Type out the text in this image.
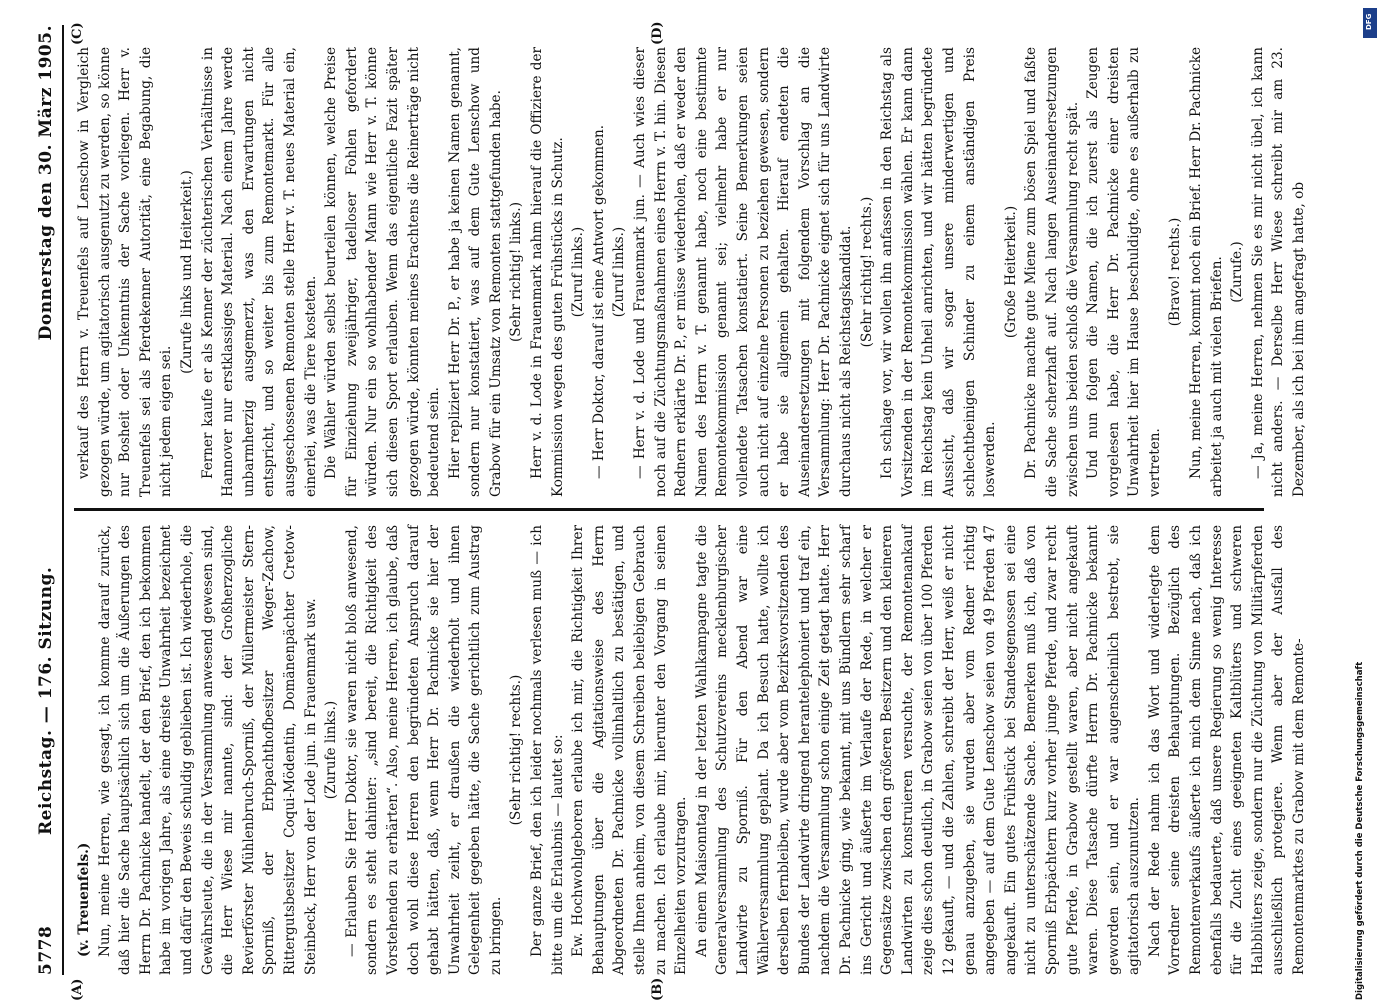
5778
Reichstag. — 176. Sitzung.
Donnerstag den 30. März 1905.

(v. Treuenfels.) Nun, meine Herren, wie gesagt, ich komme darauf zurück, daß hier die Sache hauptsächlich sich um die Äußerungen des Herrn Dr. Pachnicke handelt, der den Brief, den ich bekommen habe im vorigen Jahre, als eine dreiste Unwahrheit bezeichnet und dafür den Beweis schuldig geblieben ist. Ich wiederhole, die Gewährsleute, die in der Versammlung anwesend gewesen sind, die Herr Wiese mir nannte, sind: der Großherzogliche Revierförster Mühlenbruch-Sporniß, der Müllermeister Stern-Sporniß, der Erbpachthofbesitzer Weger-Zachow, Rittergutsbesitzer Coqui-Mödentin, Domänenpächter Cretow-Steinbeck, Herr von der Lode jun. in Frauenmark usw. (Zurufe links.) — Erlauben Sie Herr Doktor, sie waren nicht bloß anwesend, sondern es steht dahinter: „sind bereit, die Richtigkeit des Vorstehenden zu erhärten“. Also, meine Herren, ich glaube, daß doch wohl diese Herren den begründeten Anspruch darauf gehabt hätten, daß, wenn Herr Dr. Pachnicke sie hier der Unwahrheit zeiht, er draußen die wiederholt und ihnen Gelegenheit gegeben hätte, die Sache gerichtlich zum Austrag zu bringen.

(Sehr richtig! rechts.) Der ganze Brief, den ich leider nochmals verlesen muß — ich bitte um die Erlaubnis — lautet so: Ew. Hochwohlgeboren erlaube ich mir, die Richtigkeit Ihrer Behauptungen über die Agitationsweise des Herrn Abgeordneten Dr. Pachnicke vollinhaltlich zu bestätigen, und stelle Ihnen anheim, von diesem Schreiben beliebigen Gebrauch zu machen. Ich erlaube mir, hierunter den Vorgang in seinen Einzelheiten vorzutragen. An einem Maisonntag in der letzten Wahlkampagne tagte die Generalversammlung des Schutzvereins mecklenburgischer Landwirte zu Sporniß. Für den Abend war eine Wählerversammlung geplant. Da ich Besuch hatte, wollte ich derselben fernbleiben, wurde aber vom Bezirksvorsitzenden des Bundes der Landwirte dringend herantelephoniert und traf ein, nachdem die Versammlung schon einige Zeit getagt hatte. Herr Dr. Pachnicke ging, wie bekannt, mit uns Bündlern sehr scharf ins Gericht und äußerte im Verlaufe der Rede, in welcher er Gegensätze zwischen den größeren Besitzern und den kleineren Landwirten zu konstruieren versuchte, der Remontenankauf zeige dies schon deutlich, in Grabow seien von über 100 Pferden 12 gekauft, — und die Zahlen, schreibt der Herr, weiß er nicht genau anzugeben, sie wurden aber vom Redner richtig angegeben — auf dem Gute Lenschow seien von 49 Pferden 47 angekauft. Ein gutes Frühstück bei Standesgenossen sei eine nicht zu unterschätzende Sache. Bemerken muß ich, daß von Sporniß Erbpächtern kurz vorher junge Pferde, und zwar recht gute Pferde, in Grabow gestellt waren, aber nicht angekauft waren. Diese Tatsache dürfte Herrn Dr. Pachnicke bekannt geworden sein, und er war augenscheinlich bestrebt, sie agitatorisch auszunutzen. Nach der Rede nahm ich das Wort und widerlegte dem Vorredner seine dreisten Behauptungen. Bezüglich des Remontenverkaufs äußerte ich mich dem Sinne nach, daß ich ebenfalls bedauerte, daß unsere Regierung so wenig Interesse für die Zucht eines geeigneten Kaltblüters und schweren Halbblüters zeige, sondern nur die Züchtung von Militärpferden ausschließlich protegiere. Wenn aber der Ausfall des Remontenmarktes zu Grabow mit dem Remonte-

verkauf des Herrn v. Treuenfels auf Lenschow in Vergleich gezogen würde, um agitatorisch ausgenutzt zu werden, so könne nur Bosheit oder Unkenntnis der Sache vorliegen. Herr v. Treuenfels sei als Pferdekenner Autorität, eine Begabung, die nicht jedem eigen sei.

(Zurufe links und Heiterkeit.) Ferner kaufe er als Kenner der züchterischen Verhältnisse in Hannover nur erstklassiges Material. Nach einem Jahre werde unbarmherzig ausgemerzt, was den Erwartungen nicht entspricht, und so weiter bis zum Remontemarkt. Für alle ausgeschossenen Remonten stelle Herr v. T. neues Material ein, einerlei, was die Tiere kosteten. Die Wähler würden selbst beurteilen können, welche Preise für Einziehung zweijähriger, tadelloser Fohlen gefordert würden. Nur ein so wohlhabender Mann wie Herr v. T. könne sich diesen Sport erlauben. Wenn das eigentliche Fazit später gezogen würde, könnten meines Erachtens die Reinerträge nicht bedeutend sein. Hier repliziert Herr Dr. P., er habe ja keinen Namen genannt, sondern nur konstatiert, was auf dem Gute Lenschow und Grabow für ein Umsatz von Remonten stattgefunden habe. (Sehr richtig! links.) Herr v. d. Lode in Frauenmark nahm hierauf die Offiziere der Kommission wegen des guten Frühstücks in Schutz. (Zuruf links.) — Herr Doktor, darauf ist eine Antwort gekommen. (Zuruf links.) — Herr v. d. Lode und Frauenmark jun. — Auch wies dieser noch auf die Züchtungsmaßnahmen eines Herrn v. T. hin. Diesen Rednern erklärte Dr. P., er müsse wiederholen, daß er weder den Namen des Herrn v. T. genannt habe, noch eine bestimmte Remontekommission genannt sei; vielmehr habe er nur vollendete Tatsachen konstatiert. Seine Bemerkungen seien auch nicht auf einzelne Personen zu beziehen gewesen, sondern er habe sie allgemein gehalten. Hierauf endeten die Auseinandersetzungen mit folgendem Vorschlag an die Versammlung: Herr Dr. Pachnicke eignet sich für uns Landwirte durchaus nicht als Reichstagskandidat. (Sehr richtig! rechts.) Ich schlage vor, wir wollen ihn anfassen in den Reichstag als Vorsitzenden in der Remontekommission wählen. Er kann dann im Reichstag kein Unheil anrichten, und wir hätten begründete Aussicht, daß wir sogar unsere minderwertigen und schlechtbeinigen Schinder zu einem anständigen Preis loswerden.

(Große Heiterkeit.) Dr. Pachnicke machte gute Miene zum bösen Spiel und faßte die Sache scherzhaft auf. Nach langen Auseinandersetzungen zwischen uns beiden schloß die Versammlung recht spät. Und nun folgen die Namen, die ich zuerst als Zeugen vorgelesen habe, die Herr Dr. Pachnicke einer dreisten Unwahrheit hier im Hause beschuldigte, ohne es außerhalb zu vertreten.

(Bravo! rechts.) Nun, meine Herren, kommt noch ein Brief. Herr Dr. Pachnicke arbeitet ja auch mit vielen Briefen. (Zurufe.) — Ja, meine Herren, nehmen Sie es mir nicht übel, ich kann nicht anders. — Derselbe Herr Wiese schreibt mir am 23. Dezember, als ich bei ihm angefragt hatte, ob

(A)	(B)
(C)	(D)
Digitalisierung gefördert durch die Deutsche Forschungsgemeinschaft
DFG
